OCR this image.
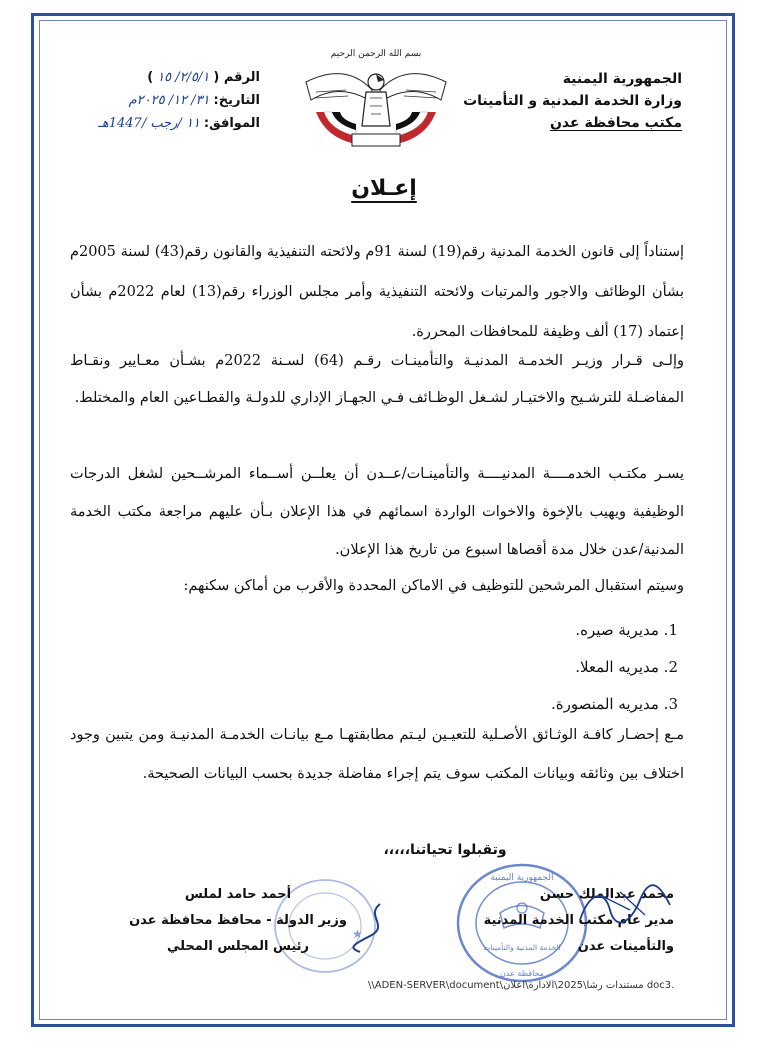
الجمهورية اليمنية
وزارة الخدمة المدنية و التأمينات
مكتب محافظة عدن
بسم الله الرحمن الرحيم
الرقم (
٢/٥/١/ ١٥
)
التاريخ:
٣١/ ١٢/ ٢٠٢٥م
الموافق:
١١ /رجب /1447هـ
إعـلان
إستناداً إلى قانون الخدمة المدنية رقم(19) لسنة 91م ولائحته التنفيذية والقانون رقم(43) لسنة 2005م بشأن الوظائف والاجور والمرتبات ولائحته التنفيذية وأمر مجلس الوزراء رقم(13) لعام 2022م بشأن إعتماد (17) ألف وظيفة للمحافظات المحررة.
وإلـى قـرار وزيـر الخدمـة المدنيـة والتأمينـات رقـم (64) لسـنة 2022م بشـأن معـايير ونقـاط المفاضـلة للترشـيح والاختيـار لشـغل الوظـائف فـي الجهـاز الإداري للدولـة والقطـاعين العام والمختلط.
يسـر مكتـب الخدمــــة المدنيــــة والتأمينـات/عــدن أن يعلــن أســماء المرشــحين لشغل الدرجات الوظيفية ويهيب بالإخوة والاخوات الواردة اسمائهم في هذا الإعلان بـأن عليهم مراجعة مكتب الخدمة المدنية/عدن خلال مدة أقصاها اسبوع من تاريخ هذا الإعلان.
وسيتم استقبال المرشحين للتوظيف في الاماكن المحددة والأقرب من أماكن سكنهم:
1. مديرية صيره.
2. مديريه المعلا.
3. مديريه المنصورة.
مـع إحضـار كافـة الوثـائق الأصـلية للتعيـين ليـتم مطابقتهـا مـع بيانـات الخدمـة المدنيـة ومن يتبين وجود اختلاف بين وثائقه وبيانات المكتب سوف يتم إجراء مفاضلة جديدة بحسب البيانات الصحيحة.
وتقبلوا تحياتنا،،،،،
الجمهورية اليمنية
محافظة عدن
الخدمة المدنية والتأمينات
★
محمد عبدالملك حسن
مدير عام مكتب الخدمة المدنية
والتأمينات عدن
أحمد حامد لملس
وزير الدولة - محافظ محافظة عدن
رئيس المجلس المحلي
\\ADEN-SERVER\document\مستندات رشا\2025\الادارة\اعلان doc3.
